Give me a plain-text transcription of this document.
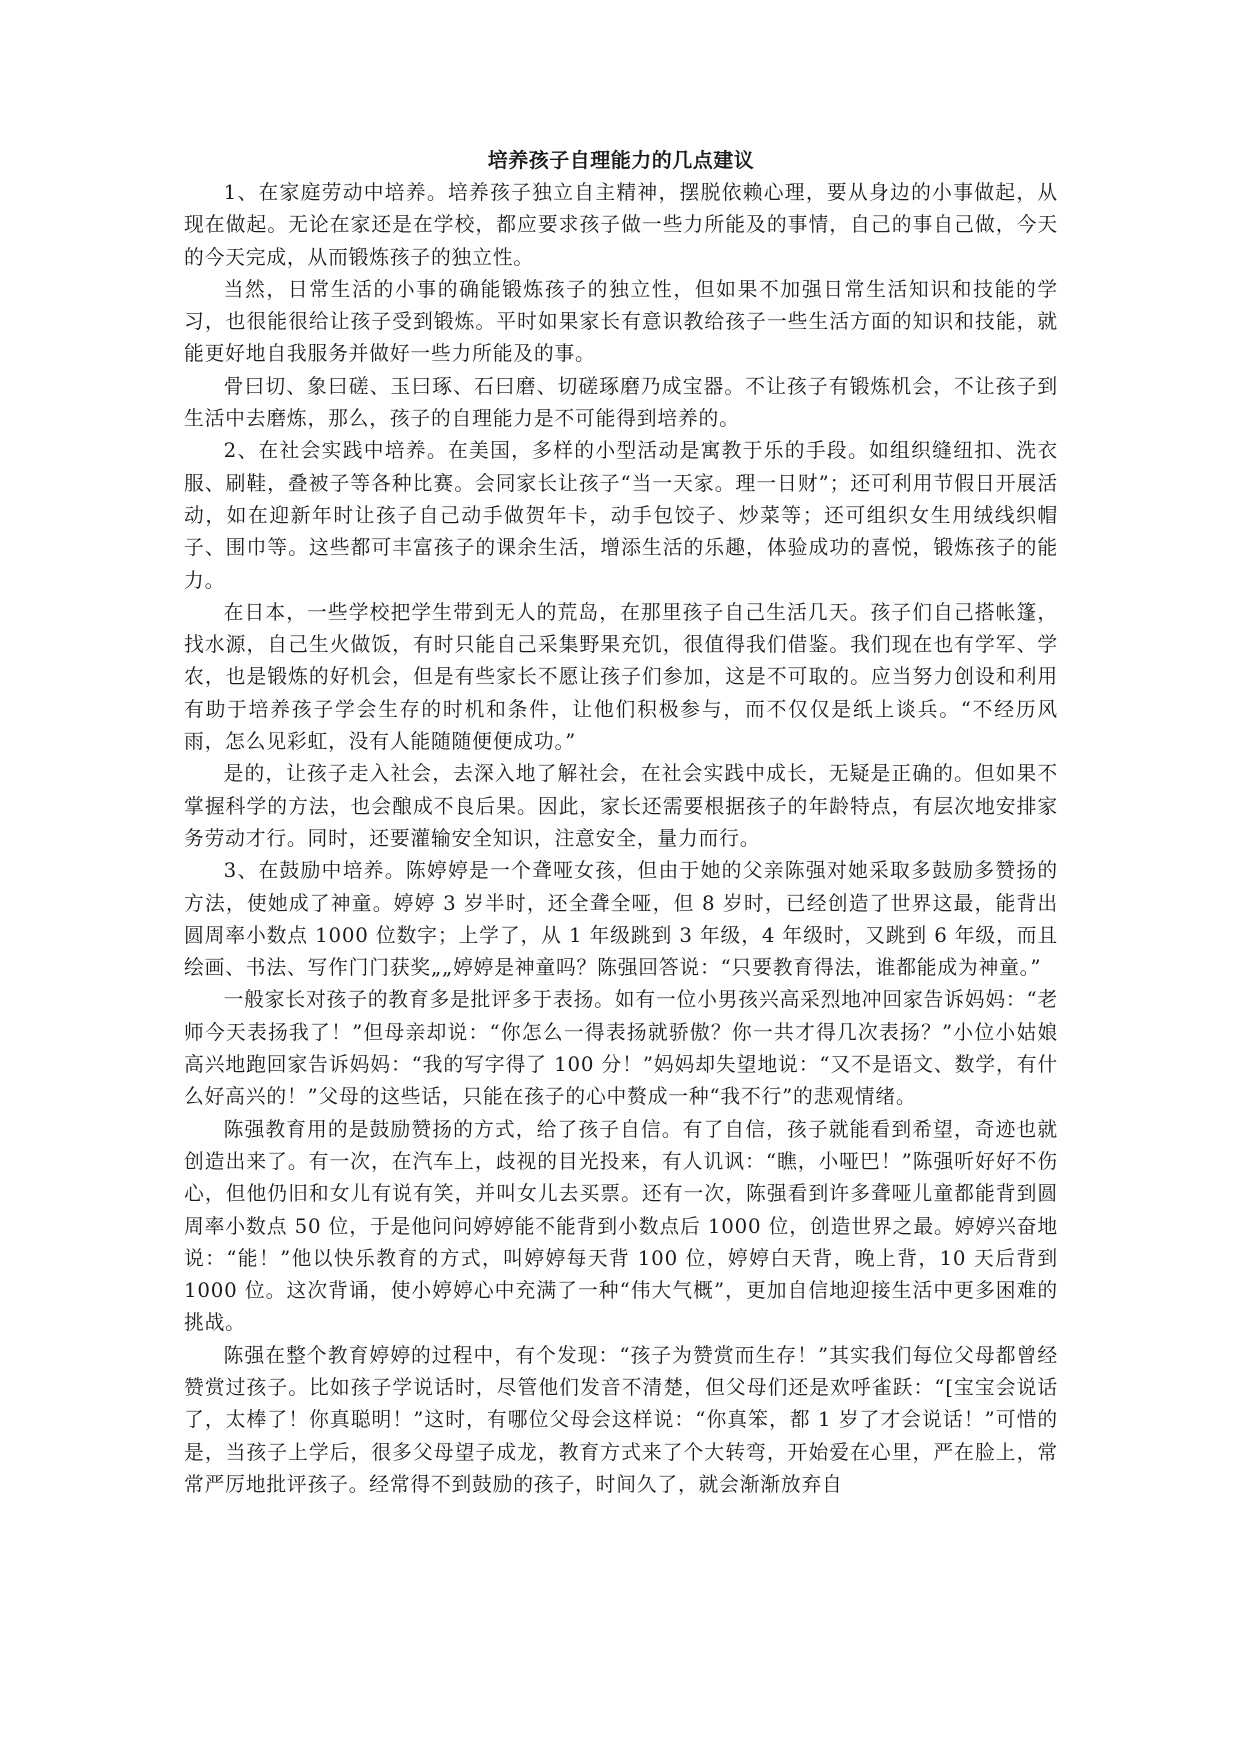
培养孩子自理能力的几点建议

1、在家庭劳动中培养。培养孩子独立自主精神，摆脱依赖心理，要从身边的小事做起，从现在做起。无论在家还是在学校，都应要求孩子做一些力所能及的事情，自己的事自己做，今天的今天完成，从而锻炼孩子的独立性。

当然，日常生活的小事的确能锻炼孩子的独立性，但如果不加强日常生活知识和技能的学习，也很能很给让孩子受到锻炼。平时如果家长有意识教给孩子一些生活方面的知识和技能，就能更好地自我服务并做好一些力所能及的事。

骨曰切、象曰磋、玉曰琢、石曰磨、切磋琢磨乃成宝器。不让孩子有锻炼机会，不让孩子到生活中去磨炼，那么，孩子的自理能力是不可能得到培养的。

2、在社会实践中培养。在美国，多样的小型活动是寓教于乐的手段。如组织缝纽扣、洗衣服、刷鞋，叠被子等各种比赛。会同家长让孩子“当一天家。理一日财”；还可利用节假日开展活动，如在迎新年时让孩子自己动手做贺年卡，动手包饺子、炒菜等；还可组织女生用绒线织帽子、围巾等。这些都可丰富孩子的课余生活，增添生活的乐趣，体验成功的喜悦，锻炼孩子的能力。

在日本，一些学校把学生带到无人的荒岛，在那里孩子自己生活几天。孩子们自己搭帐篷，找水源，自己生火做饭，有时只能自己采集野果充饥，很值得我们借鉴。我们现在也有学军、学农，也是锻炼的好机会，但是有些家长不愿让孩子们参加，这是不可取的。应当努力创设和利用有助于培养孩子学会生存的时机和条件，让他们积极参与，而不仅仅是纸上谈兵。“不经历风雨，怎么见彩虹，没有人能随随便便成功。”

是的，让孩子走入社会，去深入地了解社会，在社会实践中成长，无疑是正确的。但如果不掌握科学的方法，也会酿成不良后果。因此，家长还需要根据孩子的年龄特点，有层次地安排家务劳动才行。同时，还要灌输安全知识，注意安全，量力而行。

3、在鼓励中培养。陈婷婷是一个聋哑女孩，但由于她的父亲陈强对她采取多鼓励多赞扬的方法，使她成了神童。婷婷 3 岁半时，还全聋全哑，但 8 岁时，已经创造了世界这最，能背出圆周率小数点 1000 位数字；上学了，从 1 年级跳到 3 年级，4 年级时，又跳到 6 年级，而且绘画、书法、写作门门获奖„„婷婷是神童吗？陈强回答说：“只要教育得法，谁都能成为神童。”

一般家长对孩子的教育多是批评多于表扬。如有一位小男孩兴高采烈地冲回家告诉妈妈：“老师今天表扬我了！”但母亲却说：“你怎么一得表扬就骄傲？你一共才得几次表扬？”小位小姑娘高兴地跑回家告诉妈妈：“我的写字得了 100 分！”妈妈却失望地说：“又不是语文、数学，有什么好高兴的！”父母的这些话，只能在孩子的心中赘成一种“我不行”的悲观情绪。

陈强教育用的是鼓励赞扬的方式，给了孩子自信。有了自信，孩子就能看到希望，奇迹也就创造出来了。有一次，在汽车上，歧视的目光投来，有人讥讽：“瞧，小哑巴！”陈强听好好不伤心，但他仍旧和女儿有说有笑，并叫女儿去买票。还有一次，陈强看到许多聋哑儿童都能背到圆周率小数点 50 位，于是他问问婷婷能不能背到小数点后 1000 位，创造世界之最。婷婷兴奋地说：“能！”他以快乐教育的方式，叫婷婷每天背 100 位，婷婷白天背，晚上背，10 天后背到 1000 位。这次背诵，使小婷婷心中充满了一种“伟大气概”，更加自信地迎接生活中更多困难的挑战。

陈强在整个教育婷婷的过程中，有个发现：“孩子为赞赏而生存！”其实我们每位父母都曾经赞赏过孩子。比如孩子学说话时，尽管他们发音不清楚，但父母们还是欢呼雀跃：“[宝宝会说话了，太棒了！你真聪明！”这时，有哪位父母会这样说：“你真笨，都 1 岁了才会说话！”可惜的是，当孩子上学后，很多父母望子成龙，教育方式来了个大转弯，开始爱在心里，严在脸上，常常严厉地批评孩子。经常得不到鼓励的孩子，时间久了，就会渐渐放弃自
